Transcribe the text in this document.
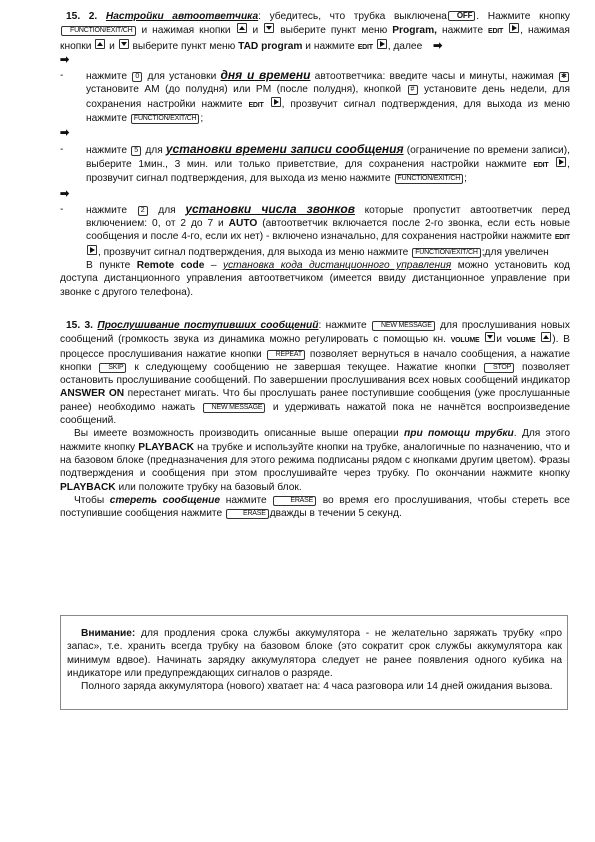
15. 2. Настройки автоответчика: убедитесь, что трубка выключена OFF . Нажмите кнопку FUNCTION/EXIT/CH и нажимая кнопки и выберите пункт меню Program, нажмите EDIT , нажимая кнопки и выберите пункт меню TAD program и нажмите EDIT , далее ➡

➡
- нажмите 0 для установки дня и времени автоответчика: введите часы и минуты, нажимая ✱ установите AM (до полудня) или PM (после полудня), кнопкой # установите день недели, для сохранения настройки нажмите EDIT , прозвучит сигнал подтверждения, для выхода из меню нажмите FUNCTION/EXIT/CH ;

➡
- нажмите 5 для установки времени записи сообщения (ограничение по времени записи), выберите 1мин., 3 мин. или только приветствие, для сохранения настройки нажмите EDIT , прозвучит сигнал подтверждения, для выхода из меню нажмите FUNCTION/EXIT/CH ;

➡
- нажмите 2 для установки числа звонков которые пропустит автоответчик перед включением: 0, от 2 до 7 и AUTO (автоответчик включается после 2-го звонка, если есть новые сообщения и после 4-го, если их нет) - включено изначально, для сохранения настройки нажмите EDIT , прозвучит сигнал подтверждения, для выхода из меню нажмите FUNCTION/EXIT/CH ;для увеличен

В пункте Remote code – установка кода дистанционного управления можно установить код доступа дистанционного управления автоответчиком (имеется ввиду дистанционное управление при звонке с другого телефона).

15. 3. Прослушивание поступивших сообщений: нажмите NEW MESSAGE для прослушивания новых сообщений (громкость звука из динамика можно регулировать с помощью кн. VOLUME и VOLUME ). В процессе прослушивания нажатие кнопки REPEAT позволяет вернуться в начало сообщения, а нажатие кнопки SKIP к следующему сообщению не завершая текущее. Нажатие кнопки STOP позволяет остановить прослушивание сообщений. По завершении прослушивания всех новых сообщений индикатор ANSWER ON перестанет мигать. Что бы прослушать ранее поступившие сообщения (уже прослушанные ранее) необходимо нажать NEW MESSAGE и удерживать нажатой пока не начнётся воспроизведение сообщений.

Вы имеете возможность производить описанные выше операции при помощи трубки. Для этого нажмите кнопку PLAYBACK на трубке и используйте кнопки на трубке, аналогичные по назначению, что и на базовом блоке (предназначения для этого режима подписаны рядом с кнопками другим цветом). Фразы подтверждения и сообщения при этом прослушивайте через трубку. По окончании нажмите кнопку PLAYBACK или положите трубку на базовый блок.

Чтобы стереть сообщение нажмите	ERASE во время его прослушивания, чтобы стереть все поступившие сообщения нажмите	ERASE дважды в течении 5 секунд.

Внимание: для продления срока службы аккумулятора - не желательно заряжать трубку «про запас», т.е. хранить всегда трубку на базовом блоке (это сократит срок службы аккумулятора как минимум вдвое). Начинать зарядку аккумулятора следует не ранее появления одного кубика на индикаторе или предупреждающих сигналов о разряде.

Полного заряда аккумулятора (нового) хватает на: 4 часа разговора или 14 дней ожидания вызова.
